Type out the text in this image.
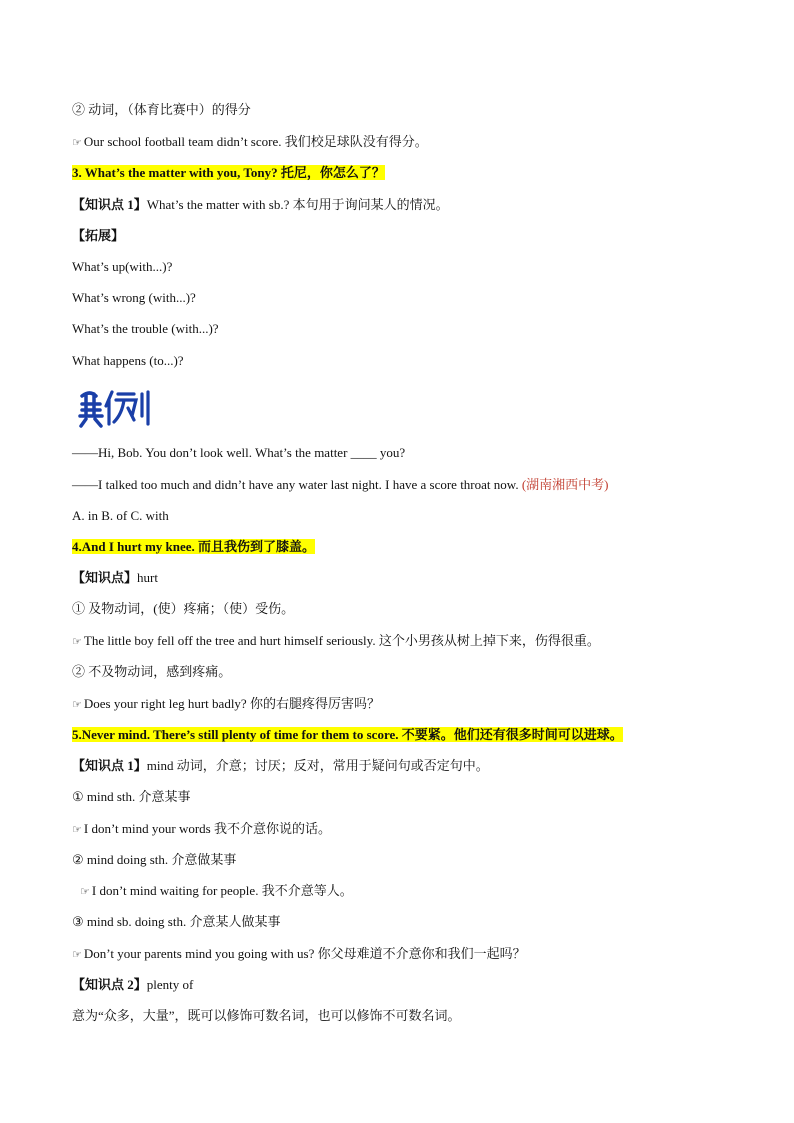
② 动词，（体育比赛中）的得分
☞ Our school football team didn’t score. 我们校足球队没有得分。
3. What’s the matter with you, Tony? 托尼，你怎么了？
【知识点 1】What’s the matter with sb.? 本句用于询问某人的情况。
【拓展】
What’s up(with...)?
What’s wrong (with...)?
What’s the trouble (with...)?
What happens (to...)?
——Hi, Bob. You don’t look well. What’s the matter ____ you?
——I talked too much and didn’t have any water last night. I have a score throat now. (湖南湘西中考)
A. in B. of C. with
4.And I hurt my knee. 而且我伤到了膝盖。
【知识点】hurt
① 及物动词，(使）疼痛；（使）受伤。
☞ The little boy fell off the tree and hurt himself seriously. 这个小男孩从树上掉下来，伤得很重。
② 不及物动词，感到疼痛。
☞ Does your right leg hurt badly? 你的右腿疼得厉害吗？
5.Never mind. There’s still plenty of time for them to score. 不要紧。他们还有很多时间可以进球。
【知识点 1】mind 动词，介意；讨厌；反对，常用于疑问句或否定句中。
① mind sth. 介意某事
☞ I don’t mind your words 我不介意你说的话。
② mind doing sth. 介意做某事
☞ I don’t mind waiting for people. 我不介意等人。
③ mind sb. doing sth. 介意某人做某事
☞ Don’t your parents mind you going with us? 你父母难道不介意你和我们一起吗？
【知识点 2】plenty of
意为“众多，大量”，既可以修饰可数名词，也可以修饰不可数名词。
